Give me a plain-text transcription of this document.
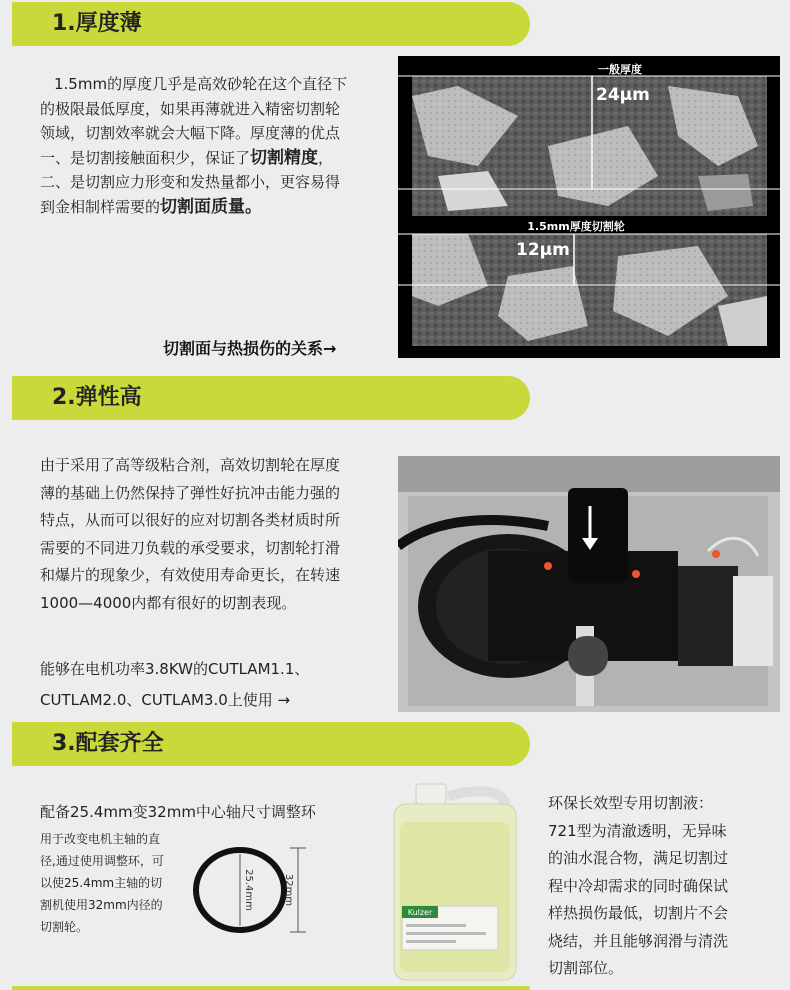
1.厚度薄
1.5mm的厚度几乎是高效砂轮在这个直径下
的极限最低厚度，如果再薄就进入精密切割轮
领域，切割效率就会大幅下降。厚度薄的优点
一、是切割接触面积少，保证了切割精度，
二、是切割应力形变和发热量都小，更容易得
到金相制样需要的切割面质量。
切割面与热损伤的关系→
一般厚度
24μm
1.5mm厚度切割轮
12μm
2.弹性高
由于采用了高等级粘合剂，高效切割轮在厚度
薄的基础上仍然保持了弹性好抗冲击能力强的
特点，从而可以很好的应对切割各类材质时所
需要的不同进刀负载的承受要求，切割轮打滑
和爆片的现象少，有效使用寿命更长，在转速
1000—4000内都有很好的切割表现。
能够在电机功率3.8KW的CUTLAM1.1、
CUTLAM2.0、CUTLAM3.0上使用 →
3.配套齐全
配备25.4mm变32mm中心轴尺寸调整环
用于改变电机主轴的直
径,通过使用调整环，可
以使25.4mm主轴的切
割机使用32mm内径的
切割轮。
25.4mm	32mm
Kulzer
环保长效型专用切割液：
721型为清澈透明，无异味
的油水混合物，满足切割过
程中冷却需求的同时确保试
样热损伤最低，切割片不会
烧结，并且能够润滑与清洗
切割部位。
